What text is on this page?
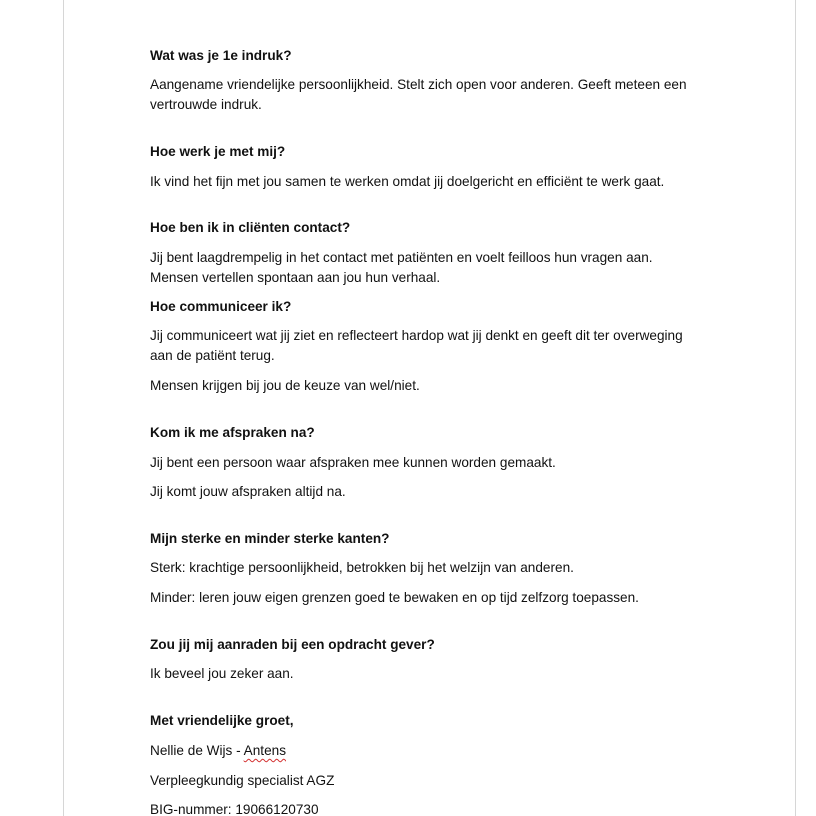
Wat was je 1e indruk?
Aangename vriendelijke persoonlijkheid. Stelt zich open voor anderen. Geeft meteen een
vertrouwde indruk.
Hoe werk je met mij?
Ik vind het fijn met jou samen te werken omdat jij doelgericht en efficiënt te werk gaat.
Hoe ben ik in cliënten contact?
Jij bent laagdrempelig in het contact met patiënten en voelt feilloos hun vragen aan.
Mensen vertellen spontaan aan jou hun verhaal.
Hoe communiceer ik?
Jij communiceert wat jij ziet en reflecteert hardop wat jij denkt en geeft dit ter overweging
aan de patiënt terug.
Mensen krijgen bij jou de keuze van wel/niet.
Kom ik me afspraken na?
Jij bent een persoon waar afspraken mee kunnen worden gemaakt.
Jij komt jouw afspraken altijd na.
Mijn sterke en minder sterke kanten?
Sterk: krachtige persoonlijkheid, betrokken bij het welzijn van anderen.
Minder: leren jouw eigen grenzen goed te bewaken en op tijd zelfzorg toepassen.
Zou jij mij aanraden bij een opdracht gever?
Ik beveel jou zeker aan.
Met vriendelijke groet,
Nellie de Wijs - Antens
Verpleegkundig specialist AGZ
BIG-nummer: 19066120730
